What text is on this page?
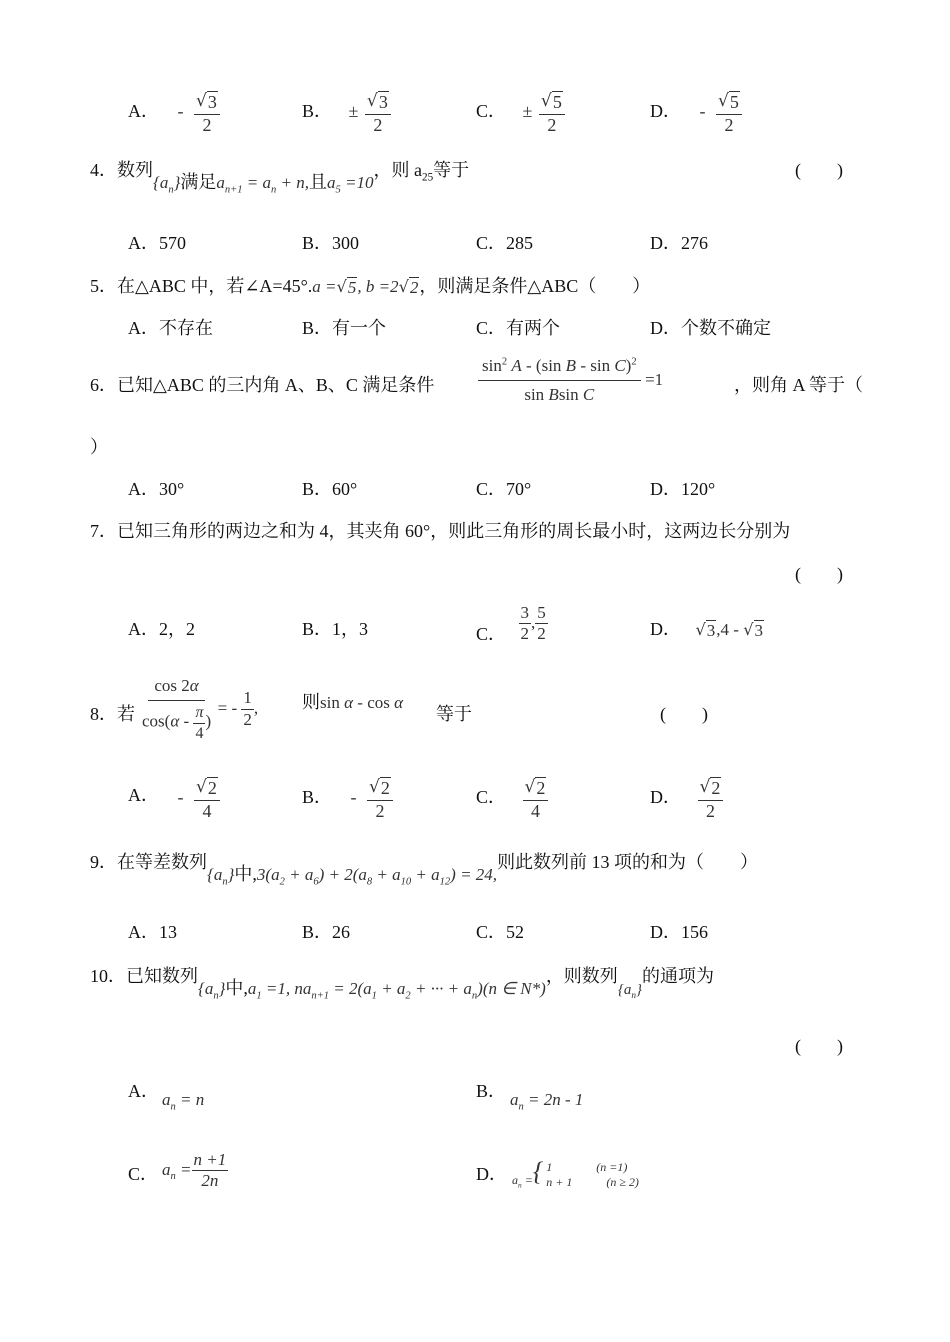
A． - $\frac{√ 3}{2}$	B． ± $\frac{√ 3}{2}$	C． ± $\frac{√ 5}{2}$	D． - $\frac{√ 5}{2}$
4．数列$\{a_n\}$满足$a_{n+1} = a_n + n$,且$a_5 =10$，则 $a_{25}$等于	(　　)
A．570	B．300	C．285	D．276
5．在△ABC 中，若∠A=45°.a = √ 5 , b =2 √ 2 ，则满足条件△ABC（　　）
A．不存在	B．有一个	C．有两个	D．个数不确定
6．已知△ABC 的三内角 A、B、C 满足条件	$\frac{\sin^2 A - (\sin B - \sin C)^2}{\text{sin Bsin C}} =1$	，则角 A 等于（
）
A．30°	B．60°	C．70°	D．120°
7．已知三角形的两边之和为 4，其夹角 60°，则此三角形的周长最小时，这两边长分别为
(　　)
A．2，2	B．1，3	C． $\frac{3}{2}$ , $\frac{5}{2}$	D． √ 3 ,4 - √ 3
8．若 $\frac{\cos 2\alpha}{\cos(\alpha - \frac{\pi}{4} )}$ = - $\frac{1}{2}$ , 则sin α - cos α
等于	(　　)
A． - $\frac{√ 2}{4}$	B． - $\frac{√ 2}{2}$	C． $\frac{√ 2}{4}$	D． $\frac{√ 2}{2}$
9．在等差数列$\{a_n\}$中$,3(a_2 + a_6) + 2(a_8 + a_{10} + a_{12}) = 24$,则此数列前 13 项的和为（　　）
A．13	B．26	C．52	D．156
10．已知数列$\{a_n\}$中$,a_1 =1$, $na_{n+1} = 2(a_1 + a_2$ + ··· + $a_n)(n$ ∈ N*)，则数列$_{\{a_n\}}$的通项为
(　　)
A． $a_n = n$	B． $a_n = 2n - 1$
C． $a_n = \frac{n +1}{2n}$	D． $a_n$ ={ 1	(n =1)
n + 1	(n ≥ 2)
